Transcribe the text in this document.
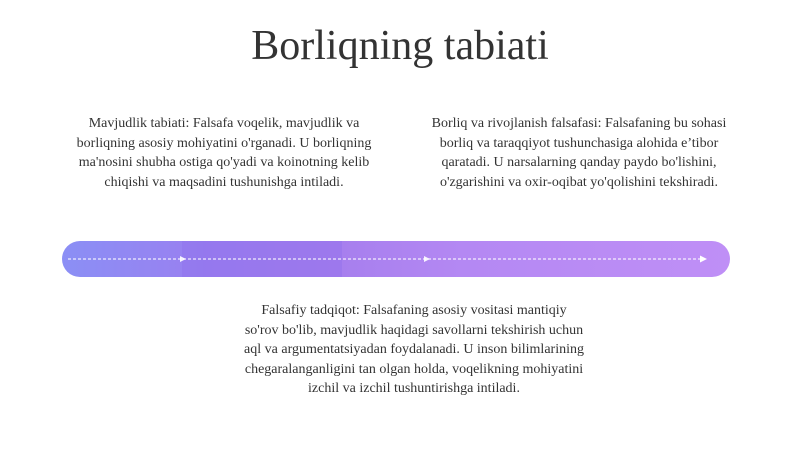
Borliqning tabiati

Mavjudlik tabiati: Falsafa voqelik, mavjudlik va borliqning asosiy mohiyatini o'rganadi. U borliqning ma'nosini shubha ostiga qo'yadi va koinotning kelib chiqishi va maqsadini tushunishga intiladi.

Borliq va rivojlanish falsafasi: Falsafaning bu sohasi borliq va taraqqiyot tushunchasiga alohida e’tibor qaratadi. U narsalarning qanday paydo bo'lishini, o'zgarishini va oxir-oqibat yo'qolishini tekshiradi.

Falsafiy tadqiqot: Falsafaning asosiy vositasi mantiqiy so'rov bo'lib, mavjudlik haqidagi savollarni tekshirish uchun aql va argumentatsiyadan foydalanadi. U inson bilimlarining chegaralanganligini tan olgan holda, voqelikning mohiyatini izchil va izchil tushuntirishga intiladi.
